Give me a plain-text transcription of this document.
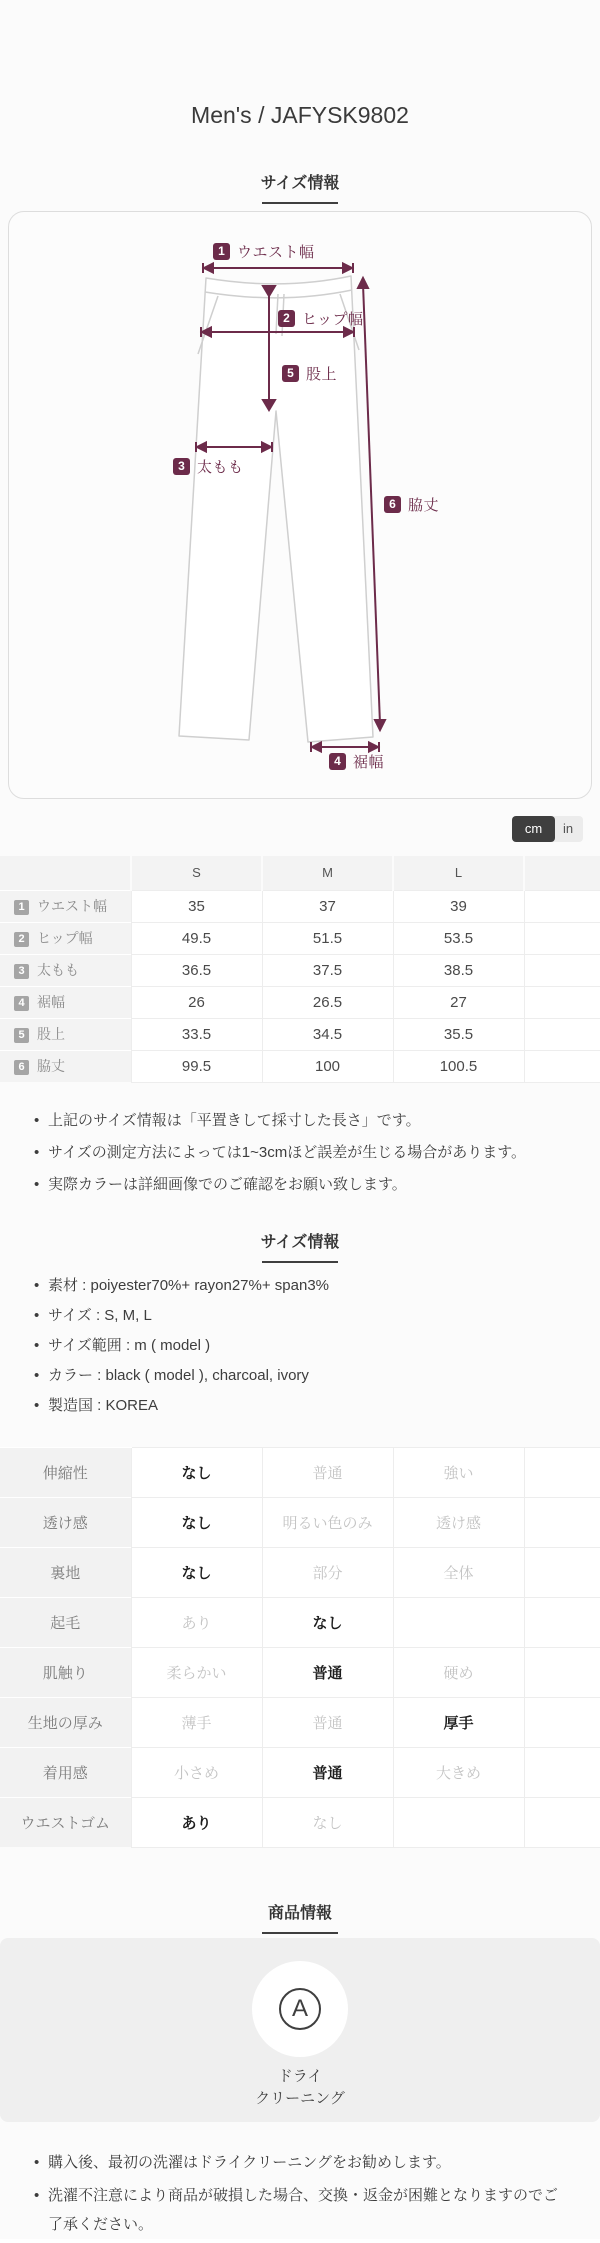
Men's / JAFYSK9802
サイズ情報
1 ウエスト幅
2 ヒップ幅
5 股上
3 太もも
6 脇丈
4 裾幅
cm	in
	S	M	L	
1 ウエスト幅	35	37	39	
2 ヒップ幅	49.5	51.5	53.5	
3 太もも	36.5	37.5	38.5	
4 裾幅	26	26.5	27	
5 股上	33.5	34.5	35.5	
6 脇丈	99.5	100	100.5	
• 上記のサイズ情報は「平置きして採寸した長さ」です。
• サイズの測定方法によっては1~3cmほど誤差が生じる場合があります。
• 実際カラーは詳細画像でのご確認をお願い致します。
サイズ情報
• 素材 : poiyester70%+ rayon27%+ span3%
• サイズ : S, M, L
• サイズ範囲 : m ( model )
• カラー : black ( model ), charcoal, ivory
• 製造国 : KOREA
伸縮性	なし	普通	強い	
透け感	なし	明るい色のみ	透け感	
裏地	なし	部分	全体	
起毛	あり	なし		
肌触り	柔らかい	普通	硬め	
生地の厚み	薄手	普通	厚手	
着用感	小さめ	普通	大きめ	
ウエストゴム	あり	なし		
商品情報
A
ドライ
クリーニング
• 購入後、最初の洗濯はドライクリーニングをお勧めします。
• 洗濯不注意により商品が破損した場合、交換・返金が困難となりますのでご了承ください。
